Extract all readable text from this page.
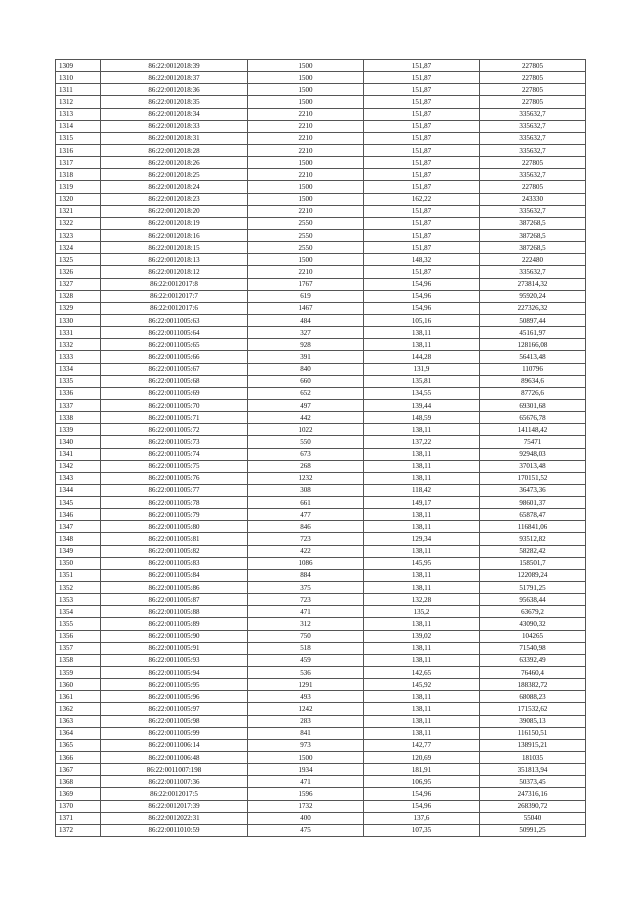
1309	86:22:0012018:39	1500	151,87	227805
1310	86:22:0012018:37	1500	151,87	227805
1311	86:22:0012018:36	1500	151,87	227805
1312	86:22:0012018:35	1500	151,87	227805
1313	86:22:0012018:34	2210	151,87	335632,7
1314	86:22:0012018:33	2210	151,87	335632,7
1315	86:22:0012018:31	2210	151,87	335632,7
1316	86:22:0012018:28	2210	151,87	335632,7
1317	86:22:0012018:26	1500	151,87	227805
1318	86:22:0012018:25	2210	151,87	335632,7
1319	86:22:0012018:24	1500	151,87	227805
1320	86:22:0012018:23	1500	162,22	243330
1321	86:22:0012018:20	2210	151,87	335632,7
1322	86:22:0012018:19	2550	151,87	387268,5
1323	86:22:0012018:16	2550	151,87	387268,5
1324	86:22:0012018:15	2550	151,87	387268,5
1325	86:22:0012018:13	1500	148,32	222480
1326	86:22:0012018:12	2210	151,87	335632,7
1327	86:22:0012017:8	1767	154,96	273814,32
1328	86:22:0012017:7	619	154,96	95920,24
1329	86:22:0012017:6	1467	154,96	227326,32
1330	86:22:0011005:63	484	105,16	50897,44
1331	86:22:0011005:64	327	138,11	45161,97
1332	86:22:0011005:65	928	138,11	128166,08
1333	86:22:0011005:66	391	144,28	56413,48
1334	86:22:0011005:67	840	131,9	110796
1335	86:22:0011005:68	660	135,81	89634,6
1336	86:22:0011005:69	652	134,55	87726,6
1337	86:22:0011005:70	497	139,44	69301,68
1338	86:22:0011005:71	442	148,59	65676,78
1339	86:22:0011005:72	1022	138,11	141148,42
1340	86:22:0011005:73	550	137,22	75471
1341	86:22:0011005:74	673	138,11	92948,03
1342	86:22:0011005:75	268	138,11	37013,48
1343	86:22:0011005:76	1232	138,11	170151,52
1344	86:22:0011005:77	308	118,42	36473,36
1345	86:22:0011005:78	661	149,17	98601,37
1346	86:22:0011005:79	477	138,11	65878,47
1347	86:22:0011005:80	846	138,11	116841,06
1348	86:22:0011005:81	723	129,34	93512,82
1349	86:22:0011005:82	422	138,11	58282,42
1350	86:22:0011005:83	1086	145,95	158501,7
1351	86:22:0011005:84	884	138,11	122089,24
1352	86:22:0011005:86	375	138,11	51791,25
1353	86:22:0011005:87	723	132,28	95638,44
1354	86:22:0011005:88	471	135,2	63679,2
1355	86:22:0011005:89	312	138,11	43090,32
1356	86:22:0011005:90	750	139,02	104265
1357	86:22:0011005:91	518	138,11	71540,98
1358	86:22:0011005:93	459	138,11	63392,49
1359	86:22:0011005:94	536	142,65	76460,4
1360	86:22:0011005:95	1291	145,92	188382,72
1361	86:22:0011005:96	493	138,11	68088,23
1362	86:22:0011005:97	1242	138,11	171532,62
1363	86:22:0011005:98	283	138,11	39085,13
1364	86:22:0011005:99	841	138,11	116150,51
1365	86:22:0011006:14	973	142,77	138915,21
1366	86:22:0011006:48	1500	120,69	181035
1367	86:22:0011007:198	1934	181,91	351813,94
1368	86:22:0011007:36	471	106,95	50373,45
1369	86:22:0012017:5	1596	154,96	247316,16
1370	86:22:0012017:39	1732	154,96	268390,72
1371	86:22:0012022:31	400	137,6	55040
1372	86:22:0011010:59	475	107,35	50991,25
